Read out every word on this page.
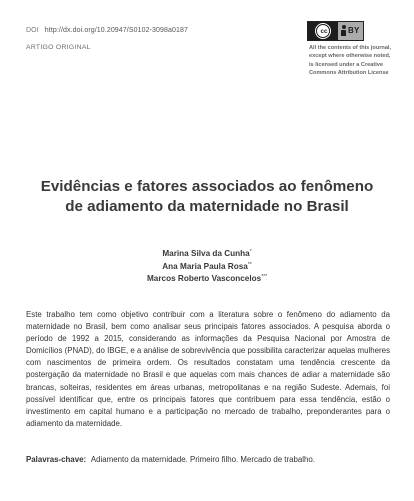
DOI http://dx.doi.org/10.20947/S0102-3098a0187
ARTIGO ORIGINAL
cc	BY
All the contents of this journal, except where otherwise noted, is licensed under a Creative Commons Attribution License
Evidências e fatores associados ao fenômeno
de adiamento da maternidade no Brasil
Marina Silva da Cunha*
Ana Maria Paula Rosa**
Marcos Roberto Vasconcelos***
Este trabalho tem como objetivo contribuir com a literatura sobre o fenômeno do adiamento da maternidade no Brasil, bem como analisar seus principais fatores associados. A pesquisa aborda o período de 1992 a 2015, considerando as informações da Pesquisa Nacional por Amostra de Domicílios (PNAD), do IBGE, e a análise de sobrevivência que possibilita caracterizar aquelas mulheres com nascimentos de primeira ordem. Os resultados constatam uma tendência crescente da postergação da maternidade no Brasil e que aquelas com mais chances de adiar a maternidade são brancas, solteiras, residentes em áreas urbanas, metropolitanas e na região Sudeste. Ademais, foi possível identificar que, entre os principais fatores que contribuem para essa tendência, estão o investimento em capital humano e a participação no mercado de trabalho, preponderantes para o adiamento da maternidade.
Palavras-chave: Adiamento da maternidade. Primeiro filho. Mercado de trabalho.
